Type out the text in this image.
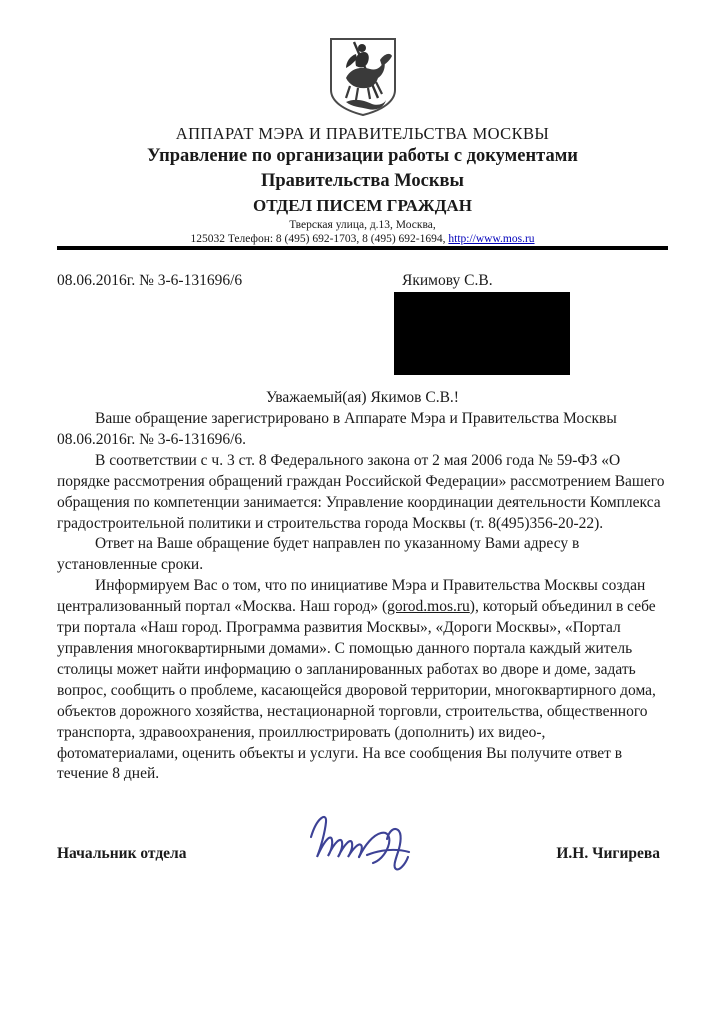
АППАРАТ МЭРА И ПРАВИТЕЛЬСТВА МОСКВЫ
Управление по организации работы с документами
Правительства Москвы
ОТДЕЛ ПИСЕМ ГРАЖДАН
Тверская улица, д.13, Москва,
125032 Телефон: 8 (495) 692-1703, 8 (495) 692-1694, http://www.mos.ru
08.06.2016г. № 3-6-131696/6	Якимову С.В.
Уважаемый(ая) Якимов С.В.!

Ваше обращение зарегистрировано в Аппарате Мэра и Правительства Москвы 08.06.2016г. № 3-6-131696/6.

В соответствии с ч. 3 ст. 8 Федерального закона от 2 мая 2006 года № 59-ФЗ «О порядке рассмотрения обращений граждан Российской Федерации» рассмотрением Вашего обращения по компетенции занимается: Управление координации деятельности Комплекса градостроительной политики и строительства города Москвы (т. 8(495)356-20-22).

Ответ на Ваше обращение будет направлен по указанному Вами адресу в установленные сроки.

Информируем Вас о том, что по инициативе Мэра и Правительства Москвы создан централизованный портал «Москва. Наш город» (gorod.mos.ru), который объединил в себе три портала «Наш город. Программа развития Москвы», «Дороги Москвы», «Портал управления многоквартирными домами». С помощью данного портала каждый житель столицы может найти информацию о запланированных работах во дворе и доме, задать вопрос, сообщить о проблеме, касающейся дворовой территории, многоквартирного дома, объектов дорожного хозяйства, нестационарной торговли, строительства, общественного транспорта, здравоохранения, проиллюстрировать (дополнить) их видео-, фотоматериалами, оценить объекты и услуги. На все сообщения Вы получите ответ в течение 8 дней.

Начальник отдела	И.Н. Чигирева
